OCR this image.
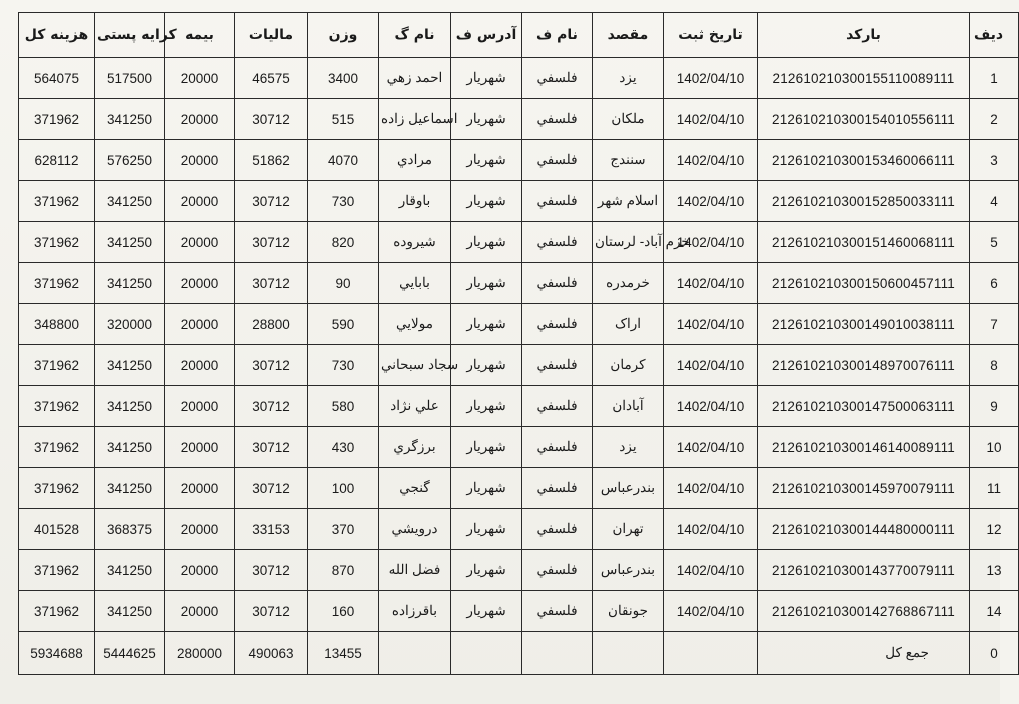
هزینه کل	کرایه پستی	بیمه	مالیات	وزن	نام گ	آدرس ف	نام ف	مقصد	تاریخ ثبت	بارکد	دیف
564075	517500	20000	46575	3400	احمد زهي	شهريار	فلسفي	يزد	1402/04/10	212610210300155110089111	1
371962	341250	20000	30712	515	اسماعيل زاده	شهريار	فلسفي	ملكان	1402/04/10	212610210300154010556111	2
628112	576250	20000	51862	4070	مرادي	شهريار	فلسفي	سنندج	1402/04/10	212610210300153460066111	3
371962	341250	20000	30712	730	باوقار	شهريار	فلسفي	اسلام شهر	1402/04/10	212610210300152850033111	4
371962	341250	20000	30712	820	شيروده	شهريار	فلسفي	خرم آباد- لرستان	1402/04/10	212610210300151460068111	5
371962	341250	20000	30712	90	بابايي	شهريار	فلسفي	خرمدره	1402/04/10	212610210300150600457111	6
348800	320000	20000	28800	590	مولايي	شهريار	فلسفي	اراک	1402/04/10	212610210300149010038111	7
371962	341250	20000	30712	730	سجاد سبحاني	شهريار	فلسفي	كرمان	1402/04/10	212610210300148970076111	8
371962	341250	20000	30712	580	علي نژاد	شهريار	فلسفي	آبادان	1402/04/10	212610210300147500063111	9
371962	341250	20000	30712	430	برزگري	شهريار	فلسفي	يزد	1402/04/10	212610210300146140089111	10
371962	341250	20000	30712	100	گنجي	شهريار	فلسفي	بندرعباس	1402/04/10	212610210300145970079111	11
401528	368375	20000	33153	370	درويشي	شهريار	فلسفي	تهران	1402/04/10	212610210300144480000111	12
371962	341250	20000	30712	870	فضل الله	شهريار	فلسفي	بندرعباس	1402/04/10	212610210300143770079111	13
371962	341250	20000	30712	160	باقرزاده	شهريار	فلسفي	جونقان	1402/04/10	212610210300142768867111	14
5934688	5444625	280000	490063	13455						جمع كل	0
